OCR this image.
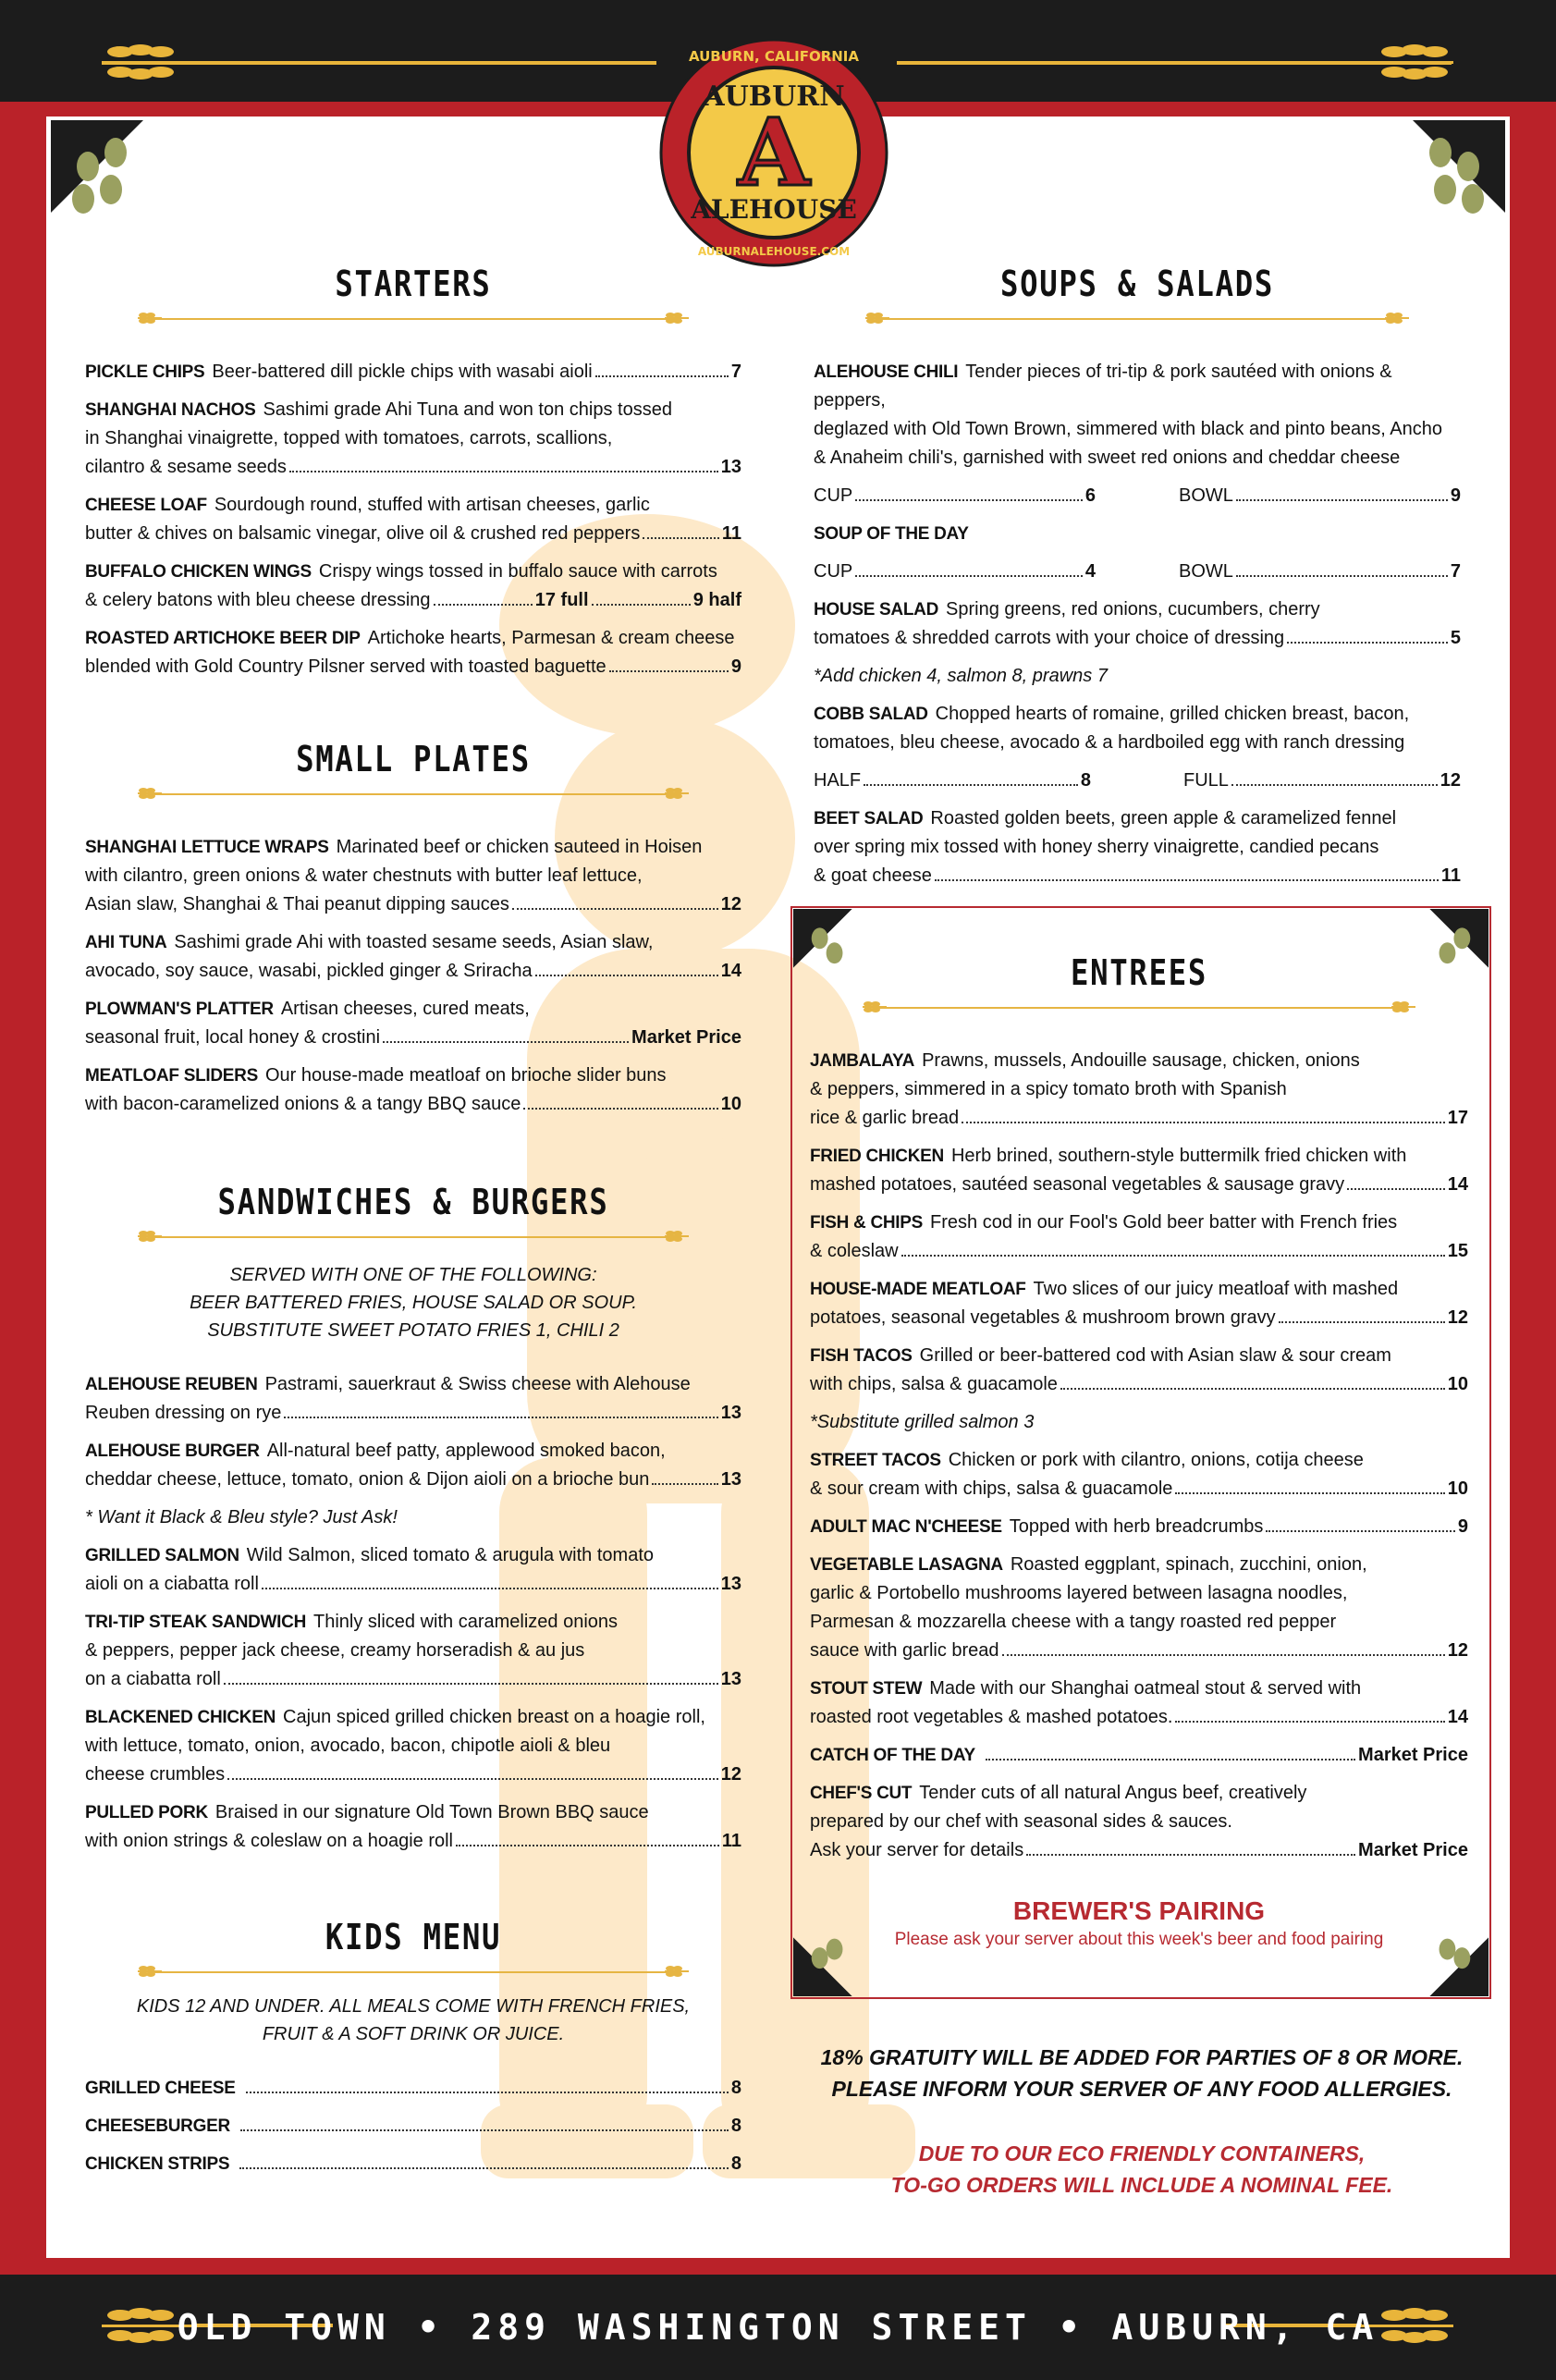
AUBURN, CALIFORNIA
AUBURN
A
ALEHOUSE
AUBURNALEHOUSE.COM
STARTERS
PICKLE CHIPS Beer-battered dill pickle chips with wasabi aioli	7
SHANGHAI NACHOS Sashimi grade Ahi Tuna and won ton chips tossed
in Shanghai vinaigrette, topped with tomatoes, carrots, scallions,
cilantro & sesame seeds	13
CHEESE LOAF Sourdough round, stuffed with artisan cheeses, garlic
butter & chives on balsamic vinegar, olive oil & crushed red peppers	11
BUFFALO CHICKEN WINGS Crispy wings tossed in buffalo sauce with carrots
& celery batons with bleu cheese dressing	17 full	9 half
ROASTED ARTICHOKE BEER DIP Artichoke hearts, Parmesan & cream cheese
blended with Gold Country Pilsner served with toasted baguette	9
SMALL PLATES
SHANGHAI LETTUCE WRAPS Marinated beef or chicken sauteed in Hoisen
with cilantro, green onions & water chestnuts with butter leaf lettuce,
Asian slaw, Shanghai & Thai peanut dipping sauces	12
AHI TUNA Sashimi grade Ahi with toasted sesame seeds, Asian slaw,
avocado, soy sauce, wasabi, pickled ginger & Sriracha	14
PLOWMAN'S PLATTER Artisan cheeses, cured meats,
seasonal fruit, local honey & crostini	Market Price
MEATLOAF SLIDERS Our house-made meatloaf on brioche slider buns
with bacon-caramelized onions & a tangy BBQ sauce	10
SANDWICHES & BURGERS
SERVED WITH ONE OF THE FOLLOWING:
BEER BATTERED FRIES, HOUSE SALAD OR SOUP.
SUBSTITUTE SWEET POTATO FRIES 1, CHILI 2
ALEHOUSE REUBEN Pastrami, sauerkraut & Swiss cheese with Alehouse
Reuben dressing on rye	13
ALEHOUSE BURGER All-natural beef patty, applewood smoked bacon,
cheddar cheese, lettuce, tomato, onion & Dijon aioli on a brioche bun	13
* Want it Black & Bleu style? Just Ask!
GRILLED SALMON Wild Salmon, sliced tomato & arugula with tomato
aioli on a ciabatta roll	13
TRI-TIP STEAK SANDWICH Thinly sliced with caramelized onions
& peppers, pepper jack cheese, creamy horseradish & au jus
on a ciabatta roll	13
BLACKENED CHICKEN Cajun spiced grilled chicken breast on a hoagie roll,
with lettuce, tomato, onion, avocado, bacon, chipotle aioli & bleu
cheese crumbles	12
PULLED PORK Braised in our signature Old Town Brown BBQ sauce
with onion strings & coleslaw on a hoagie roll	11
KIDS MENU
KIDS 12 AND UNDER. ALL MEALS COME WITH FRENCH FRIES,
FRUIT & A SOFT DRINK OR JUICE.
GRILLED CHEESE	8
CHEESEBURGER	8
CHICKEN STRIPS	8
SOUPS & SALADS
ALEHOUSE CHILI Tender pieces of tri-tip & pork sautéed with onions & peppers,
deglazed with Old Town Brown, simmered with black and pinto beans, Ancho
& Anaheim chili's, garnished with sweet red onions and cheddar cheese
CUP	6	BOWL	9
SOUP OF THE DAY
CUP	4	BOWL	7
HOUSE SALAD Spring greens, red onions, cucumbers, cherry
tomatoes & shredded carrots with your choice of dressing	5
*Add chicken 4, salmon 8, prawns 7
COBB SALAD Chopped hearts of romaine, grilled chicken breast, bacon,
tomatoes, bleu cheese, avocado & a hardboiled egg with ranch dressing
HALF	8	FULL	12
BEET SALAD Roasted golden beets, green apple & caramelized fennel
over spring mix tossed with honey sherry vinaigrette, candied pecans
& goat cheese	11
ENTREES
JAMBALAYA Prawns, mussels, Andouille sausage, chicken, onions
& peppers, simmered in a spicy tomato broth with Spanish
rice & garlic bread	17
FRIED CHICKEN Herb brined, southern-style buttermilk fried chicken with
mashed potatoes, sautéed seasonal vegetables & sausage gravy	14
FISH & CHIPS Fresh cod in our Fool's Gold beer batter with French fries
& coleslaw	15
HOUSE-MADE MEATLOAF Two slices of our juicy meatloaf with mashed
potatoes, seasonal vegetables & mushroom brown gravy	12
FISH TACOS Grilled or beer-battered cod with Asian slaw & sour cream
with chips, salsa & guacamole	10
*Substitute grilled salmon 3
STREET TACOS Chicken or pork with cilantro, onions, cotija cheese
& sour cream with chips, salsa & guacamole	10
ADULT MAC N'CHEESE Topped with herb breadcrumbs	9
VEGETABLE LASAGNA Roasted eggplant, spinach, zucchini, onion,
garlic & Portobello mushrooms layered between lasagna noodles,
Parmesan & mozzarella cheese with a tangy roasted red pepper
sauce with garlic bread	12
STOUT STEW Made with our Shanghai oatmeal stout & served with
roasted root vegetables & mashed potatoes.	14
CATCH OF THE DAY	Market Price
CHEF'S CUT Tender cuts of all natural Angus beef, creatively
prepared by our chef with seasonal sides & sauces.
Ask your server for details	Market Price
BREWER'S PAIRING
Please ask your server about this week's beer and food pairing
18% GRATUITY WILL BE ADDED FOR PARTIES OF 8 OR MORE.
PLEASE INFORM YOUR SERVER OF ANY FOOD ALLERGIES.
DUE TO OUR ECO FRIENDLY CONTAINERS,
TO-GO ORDERS WILL INCLUDE A NOMINAL FEE.
OLD TOWN • 289 WASHINGTON STREET • AUBURN, CA
